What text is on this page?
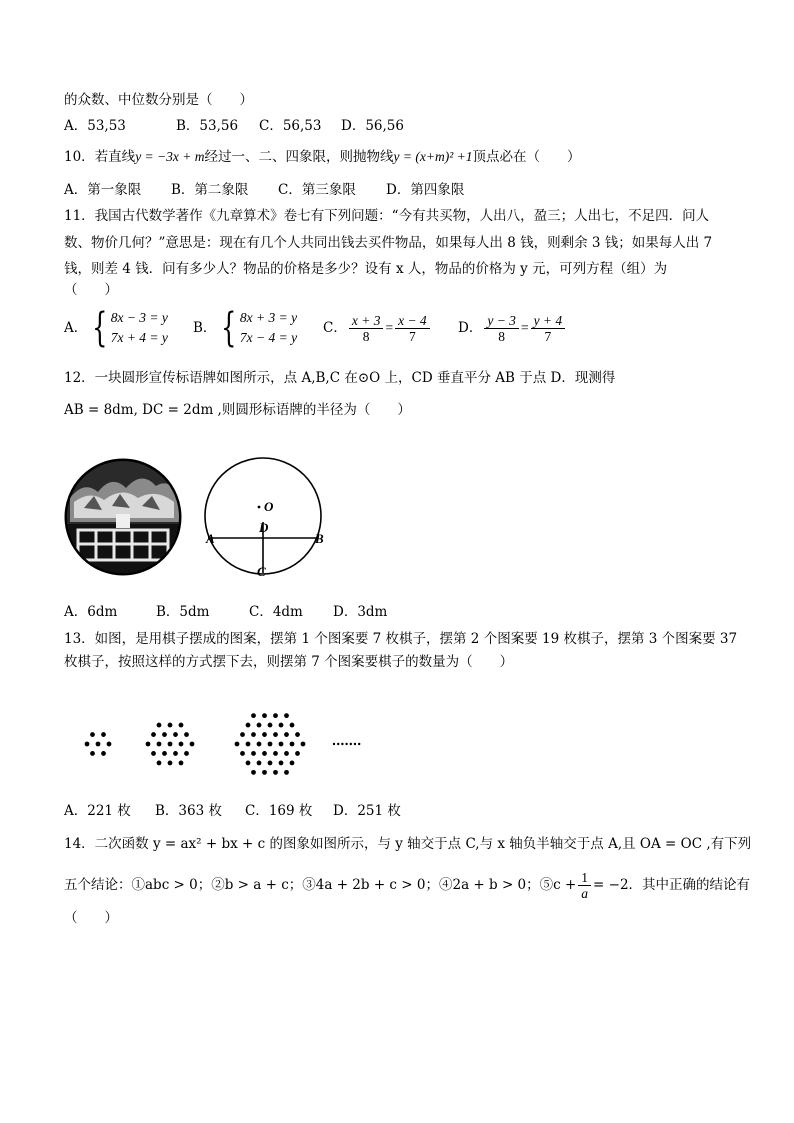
的众数、中位数分别是（　　）
A．53,53	B．53,56 C．56,53 D．56,56
10．若直线y = −3x + m经过一、二、四象限，则抛物线y = (x+m)² +1顶点必在（　　）
A．第一象限 B．第二象限 C．第三象限 D．第四象限
11．我国古代数学著作《九章算术》卷七有下列问题：“今有共买物，人出八，盈三；人出七，不足四．问人
数、物价几何？”意思是：现在有几个人共同出钱去买件物品，如果每人出 8 钱，则剩余 3 钱；如果每人出 7
钱，则差 4 钱．问有多少人？物品的价格是多少？设有 x 人，物品的价格为 y 元，可列方程（组）为
（　　）
A． { 8x − 3 = y
7x + 4 = y
B． { 8x + 3 = y
7x − 4 = y
C． $\frac{x + 3}{8} = \frac{x - 4}{7}$ D． $\frac{y - 3}{8} = \frac{y + 4}{7}$
12．一块圆形宣传标语牌如图所示，点 A,B,C 在⊙O 上，CD 垂直平分 AB 于点 D．现测得
AB = 8dm, DC = 2dm ,则圆形标语牌的半径为（　　）
O
D
A	B
C
A．6dm	B．5dm	C．4dm D．3dm
13．如图，是用棋子摆成的图案，摆第 1 个图案要 7 枚棋子，摆第 2 个图案要 19 枚棋子，摆第 3 个图案要 37
枚棋子，按照这样的方式摆下去，则摆第 7 个图案要棋子的数量为（　　）
A．221 枚 B．363 枚 C．169 枚 D．251 枚
14．二次函数 y = ax² + bx + c 的图象如图所示，与 y 轴交于点 C,与 x 轴负半轴交于点 A,且 OA = OC ,有下列
五个结论：①abc > 0；②b > a + c；③4a + 2b + c > 0；④2a + b > 0；⑤c + $\frac{1}{a} = -2$．其中正确的结论有
（　　）
